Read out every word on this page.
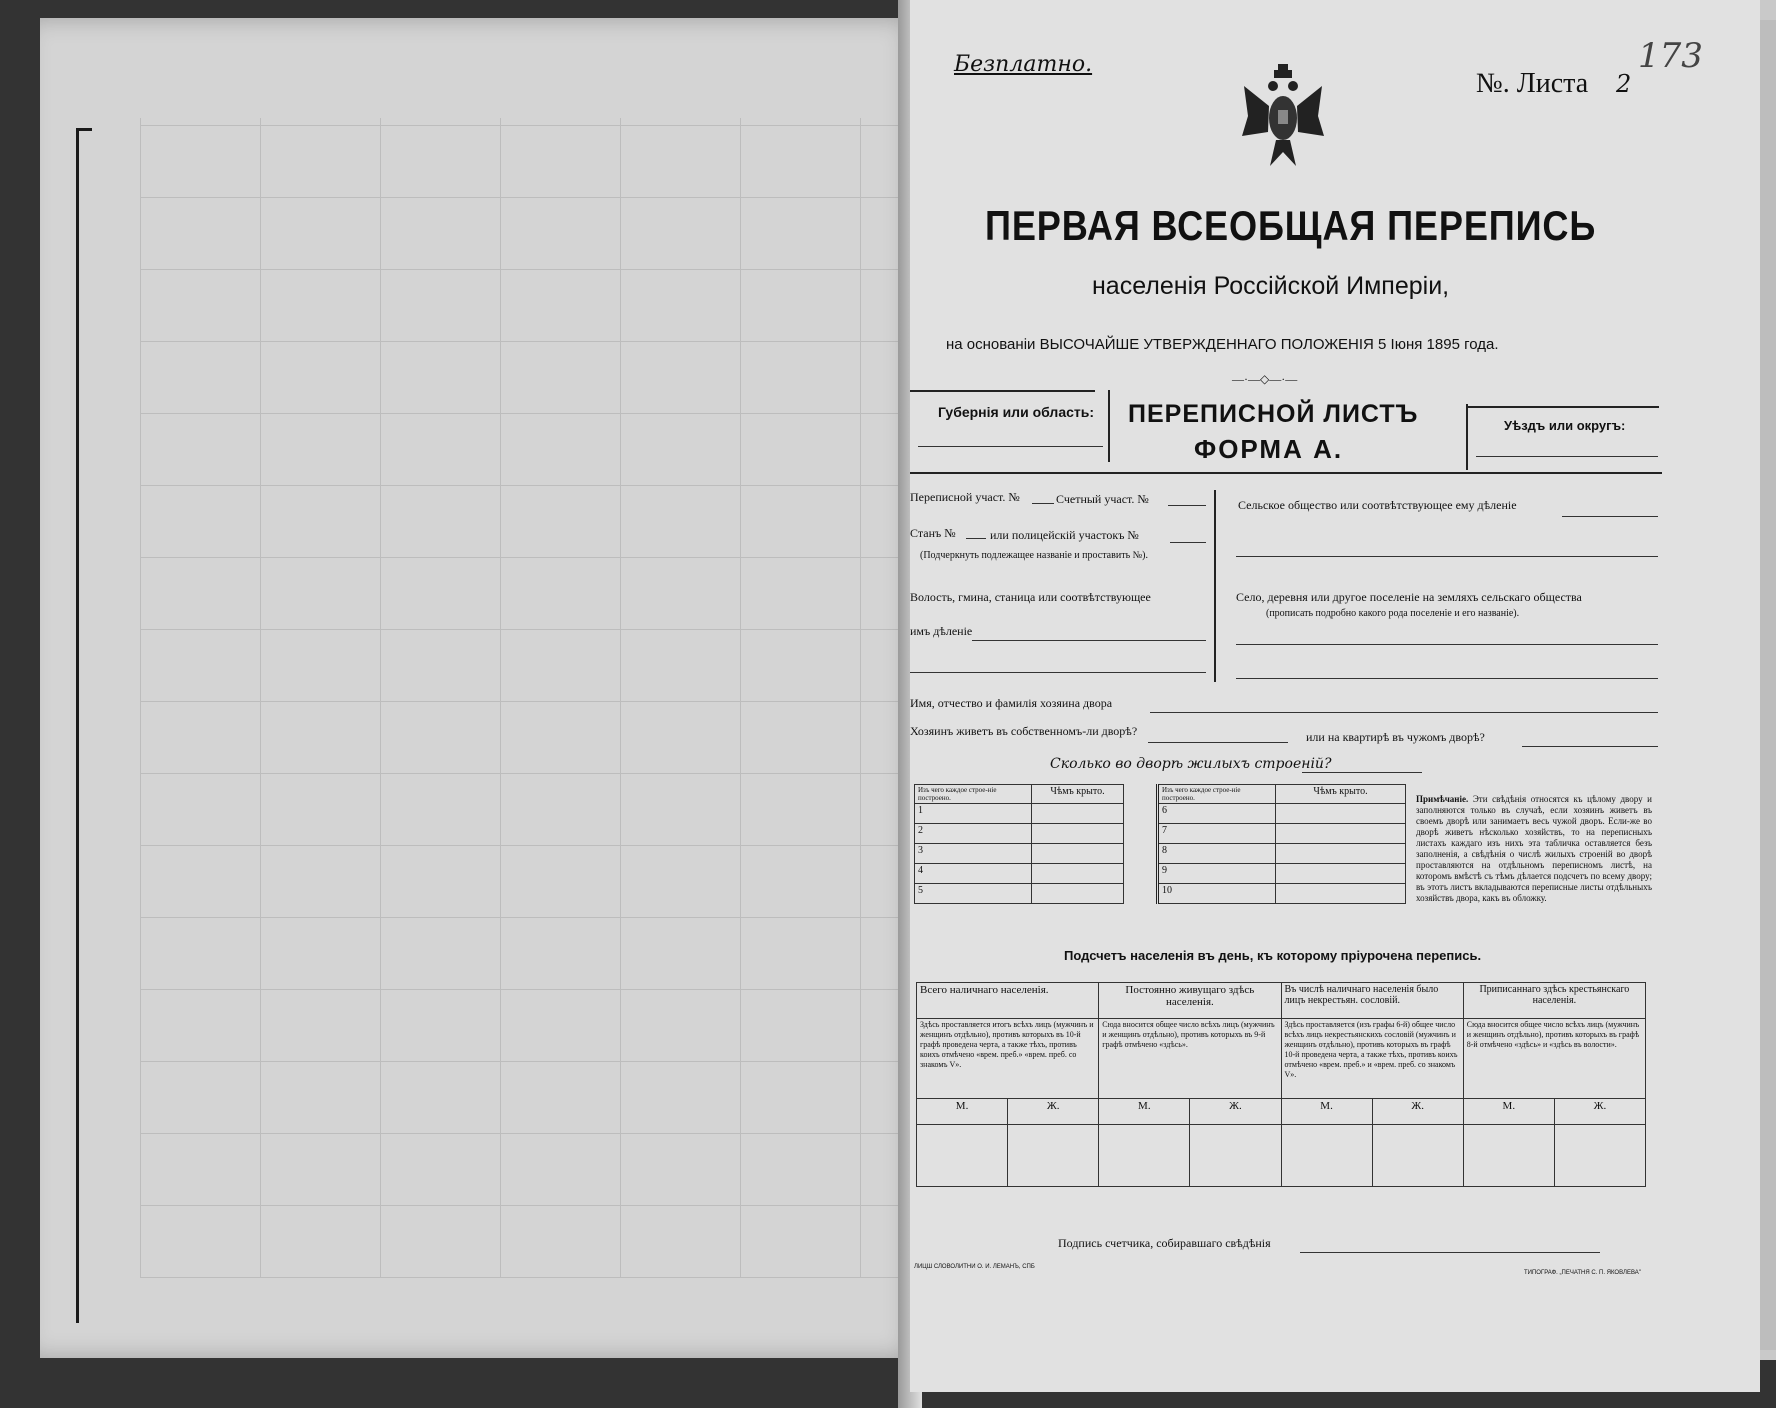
Безплатно.
№. Листа 2
173
ПЕРВАЯ ВСЕОБЩАЯ ПЕРЕПИСЬ
населенія Россійской Имперіи,
на основаніи ВЫСОЧАЙШЕ УТВЕРЖДЕННАГО ПОЛОЖЕНІЯ 5 Іюня 1895 года.
—·—◇—·—
Губернія или область: ПЕРЕПИСНОЙ ЛИСТЪ
ФОРМА А.
Уѣздъ или округъ:
Переписной участ. №	Счетный участ. №
Станъ №	или полицейскій участокъ №
(Подчеркнуть подлежащее названіе и проставить №).
Волость, гмина, станица или соотвѣтствующее
имъ дѣленіе
Сельское общество или соотвѣтствующее ему дѣленіе
Село, деревня или другое поселеніе на земляхъ сельскаго общества
(прописать подробно какого рода поселеніе и его названіе).
Имя, отчество и фамилія хозяина двора
Хозяинъ живетъ въ собственномъ-ли дворѣ?	или на квартирѣ въ чужомъ дворѣ?
Сколько во дворѣ жилыхъ строеній?
Изъ чего каждое строе-ніе построено.	Чѣмъ крыто.
1	
2	
3	
4	
5	
Изъ чего каждое строе-ніе построено.	Чѣмъ крыто.
6	
7	
8	
9	
10	
Примѣчаніе. Эти свѣдѣнія относятся къ цѣлому двору и заполняются только въ случаѣ, если хозяинъ живетъ въ своемъ дворѣ или занимаетъ весь чужой дворъ. Если-же во дворѣ живетъ нѣсколько хозяйствъ, то на переписныхъ листахъ каждаго изъ нихъ эта табличка оставляется безъ заполненія, а свѣдѣнія о числѣ жилыхъ строеній во дворѣ проставляются на отдѣльномъ переписномъ листѣ, на которомъ вмѣстѣ съ тѣмъ дѣлается подсчетъ по всему двору; въ этотъ листъ вкладываются переписные листы отдѣльныхъ хозяйствъ двора, какъ въ обложку.
Подсчетъ населенія въ день, къ которому пріурочена перепись.
Всего наличнаго населенія.		Постоянно живущаго здѣсь населенія.		Въ числѣ наличнаго населенія было лицъ некрестьян. сословій.		Приписаннаго здѣсь крестьянскаго населенія.	
Здѣсь проставляется итогъ всѣхъ лицъ (мужчинъ и женщинъ отдѣльно), противъ которыхъ въ 10-й графѣ проведена черта, а также тѣхъ, противъ коихъ отмѣчено «врем. преб.» «врем. преб. со знакомъ V».		Сюда вносится общее число всѣхъ лицъ (мужчинъ и женщинъ отдѣльно), противъ которыхъ въ 9-й графѣ отмѣчено «здѣсь».		Здѣсь проставляется (изъ графы 6-й) общее число всѣхъ лицъ некрестьянскихъ сословій (мужчинъ и женщинъ отдѣльно), противъ которыхъ въ графѣ 10-й проведена черта, а также тѣхъ, противъ коихъ отмѣчено «врем. преб.» и «врем. преб. со знакомъ V».		Сюда вносится общее число всѣхъ лицъ (мужчинъ и женщинъ отдѣльно), противъ которыхъ въ графѣ 8-й отмѣчено «здѣсь» и «здѣсь въ волости».	
М.	Ж.	М.	Ж.	М.	Ж.	М.	Ж.

Подпись счетчика, собиравшаго свѣдѣнія
ЛИЦШ СЛОВОЛИТНИ О. И. ЛЕМАНЪ, СПБ
ТИПОГРАФ. „ПЕЧАТНЯ С. П. ЯКОВЛЕВА"
